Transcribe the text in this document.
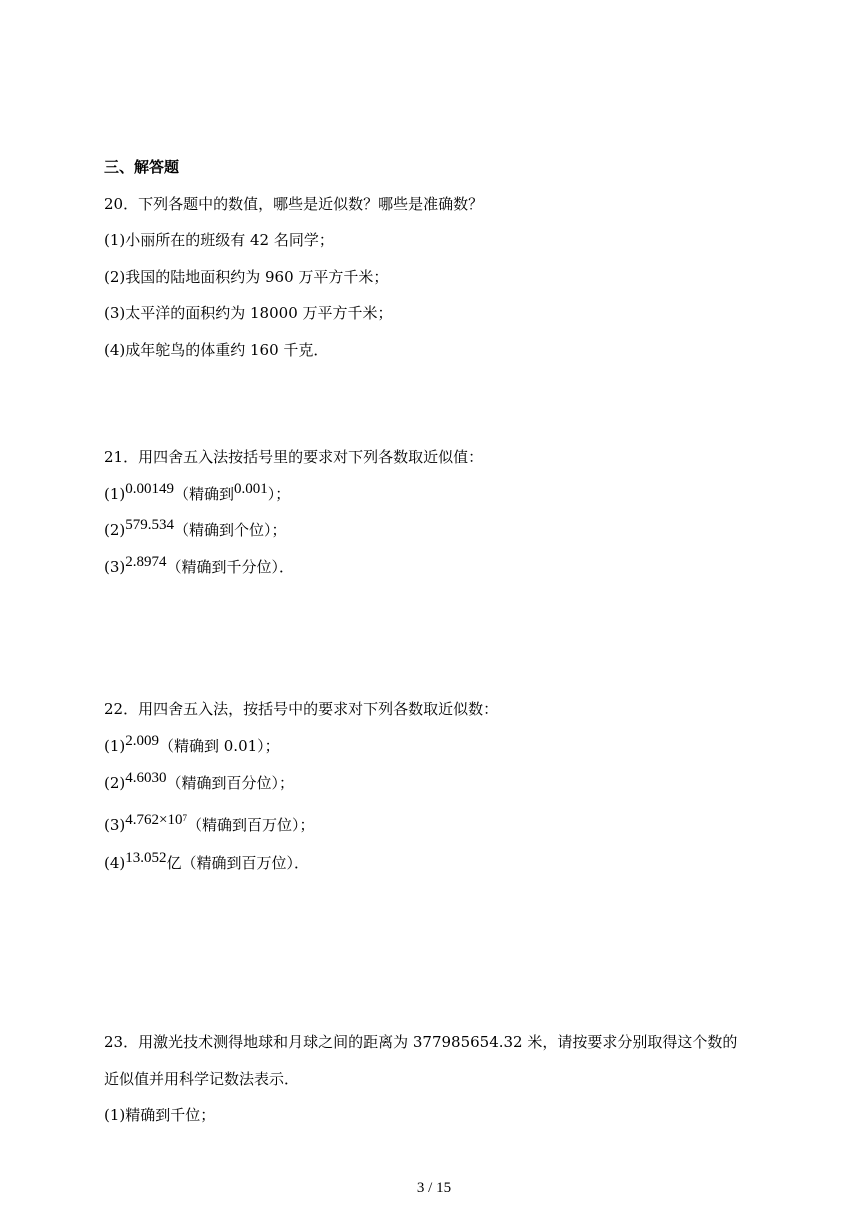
三、解答题
20．下列各题中的数值，哪些是近似数？哪些是准确数？
(1)小丽所在的班级有 42 名同学；
(2)我国的陆地面积约为 960 万平方千米；
(3)太平洋的面积约为 18000 万平方千米；
(4)成年鸵鸟的体重约 160 千克．
21．用四舍五入法按括号里的要求对下列各数取近似值：
(1)0.00149（精确到0.001）；
(2)579.534（精确到个位）；
(3)2.8974（精确到千分位）．
22．用四舍五入法，按括号中的要求对下列各数取近似数：
(1)2.009（精确到 0.01）；
(2)4.6030（精确到百分位）；
$(3)4.762\times 10^7$（精确到百万位）；
(4)13.052亿（精确到百万位）．
23．用激光技术测得地球和月球之间的距离为 377985654.32 米，请按要求分别取得这个数的
近似值并用科学记数法表示．
(1)精确到千位；
3 / 15
